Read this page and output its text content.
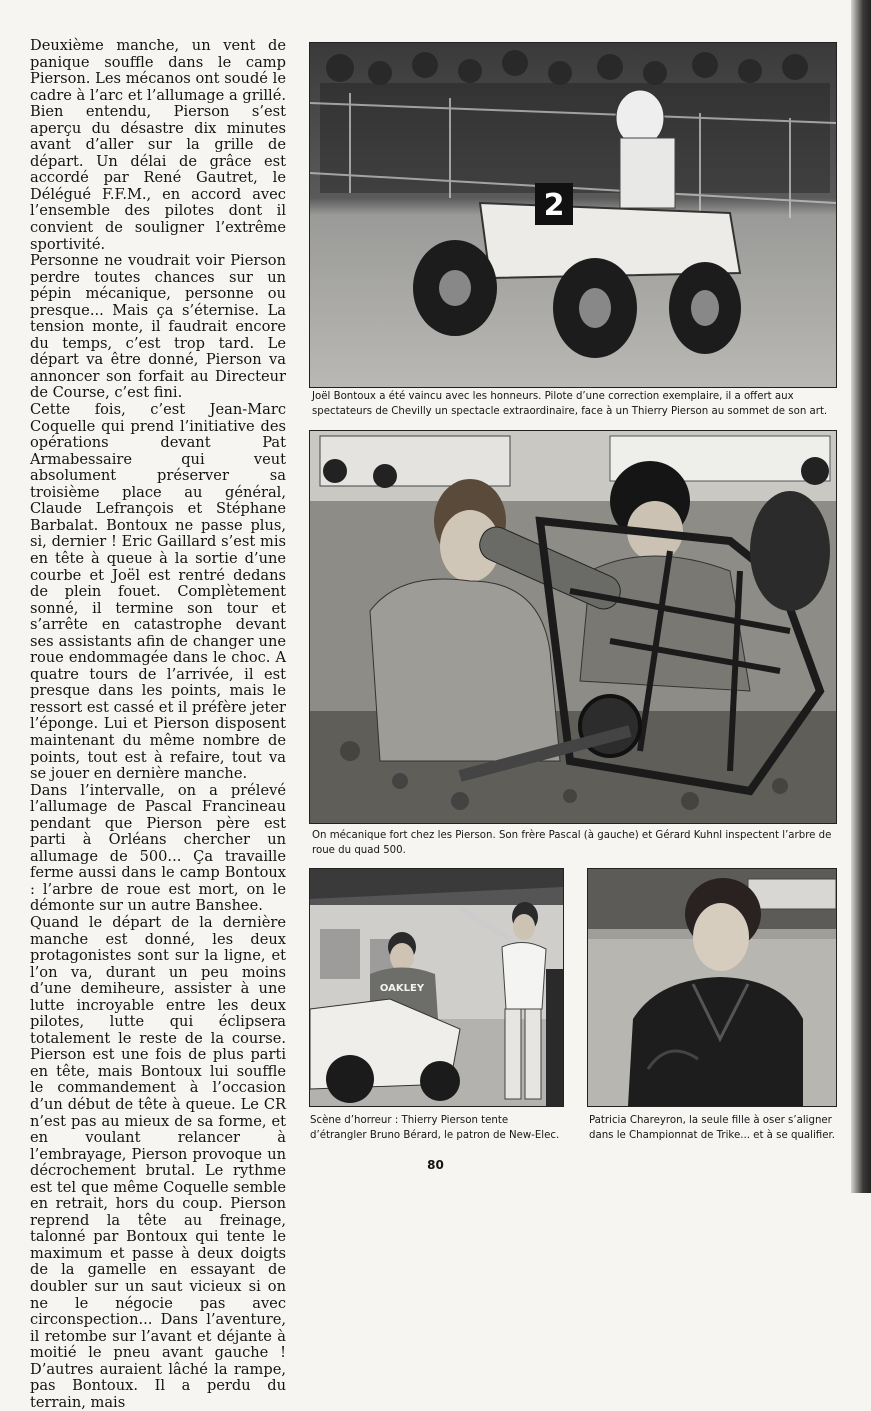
Deuxième manche, un vent de panique souffle dans le camp Pierson. Les mécanos ont soudé le cadre à l’arc et l’allumage a grillé. Bien entendu, Pierson s’est aperçu du désastre dix minutes avant d’aller sur la grille de départ. Un délai de grâce est accordé par René Gautret, le Délégué F.F.M., en accord avec l’ensemble des pilotes dont il convient de souligner l’extrême sportivité.

Personne ne voudrait voir Pierson perdre toutes chances sur un pépin mécanique, personne ou presque... Mais ça s’éternise. La tension monte, il faudrait encore du temps, c’est trop tard. Le départ va être donné, Pierson va annoncer son forfait au Directeur de Course, c’est fini.

Cette fois, c’est Jean-Marc Coquelle qui prend l’initiative des opérations devant Pat Armabessaire qui veut absolument préserver sa troisième place au général, Claude Lefrançois et Stéphane Barbalat. Bontoux ne passe plus, si, dernier ! Eric Gaillard s’est mis en tête à queue à la sortie d’une courbe et Joël est rentré dedans de plein fouet. Complètement sonné, il termine son tour et s’arrête en catastrophe devant ses assistants afin de changer une roue endommagée dans le choc. A quatre tours de l’arrivée, il est presque dans les points, mais le ressort est cassé et il préfère jeter l’éponge. Lui et Pierson disposent maintenant du même nombre de points, tout est à refaire, tout va se jouer en dernière manche.

Dans l’intervalle, on a prélevé l’allumage de Pascal Francineau pendant que Pierson père est parti à Orléans chercher un allumage de 500... Ça travaille ferme aussi dans le camp Bontoux : l’arbre de roue est mort, on le démonte sur un autre Banshee.

Quand le départ de la dernière manche est donné, les deux protagonistes sont sur la ligne, et l’on va, durant un peu moins d’une demiheure, assister à une lutte incroyable entre les deux pilotes, lutte qui éclipsera totalement le reste de la course. Pierson est une fois de plus parti en tête, mais Bontoux lui souffle le commandement à l’occasion d’un début de tête à queue. Le CR n’est pas au mieux de sa forme, et en voulant relancer à l’embrayage, Pierson provoque un décrochement brutal. Le rythme est tel que même Coquelle semble en retrait, hors du coup. Pierson reprend la tête au freinage, talonné par Bontoux qui tente le maximum et passe à deux doigts de la gamelle en essayant de doubler sur un saut vicieux si on ne le négocie pas avec circonspection... Dans l’aventure, il retombe sur l’avant et déjante à moitié le pneu avant gauche ! D’autres auraient lâché la rampe, pas Bontoux. Il a perdu du terrain, mais

2

Joël Bontoux a été vaincu avec les honneurs. Pilote d’une correction exemplaire, il a offert aux spectateurs de Chevilly un spectacle extraordinaire, face à un Thierry Pierson au sommet de son art.

On mécanique fort chez les Pierson. Son frère Pascal (à gauche) et Gérard Kuhnl inspectent l’arbre de roue du quad 500.

OAKLEY

Scène d’horreur : Thierry Pierson tente d’étrangler Bruno Bérard, le patron de New-Elec.

Patricia Chareyron, la seule fille à oser s’aligner dans le Championnat de Trike... et à se qualifier.

80
